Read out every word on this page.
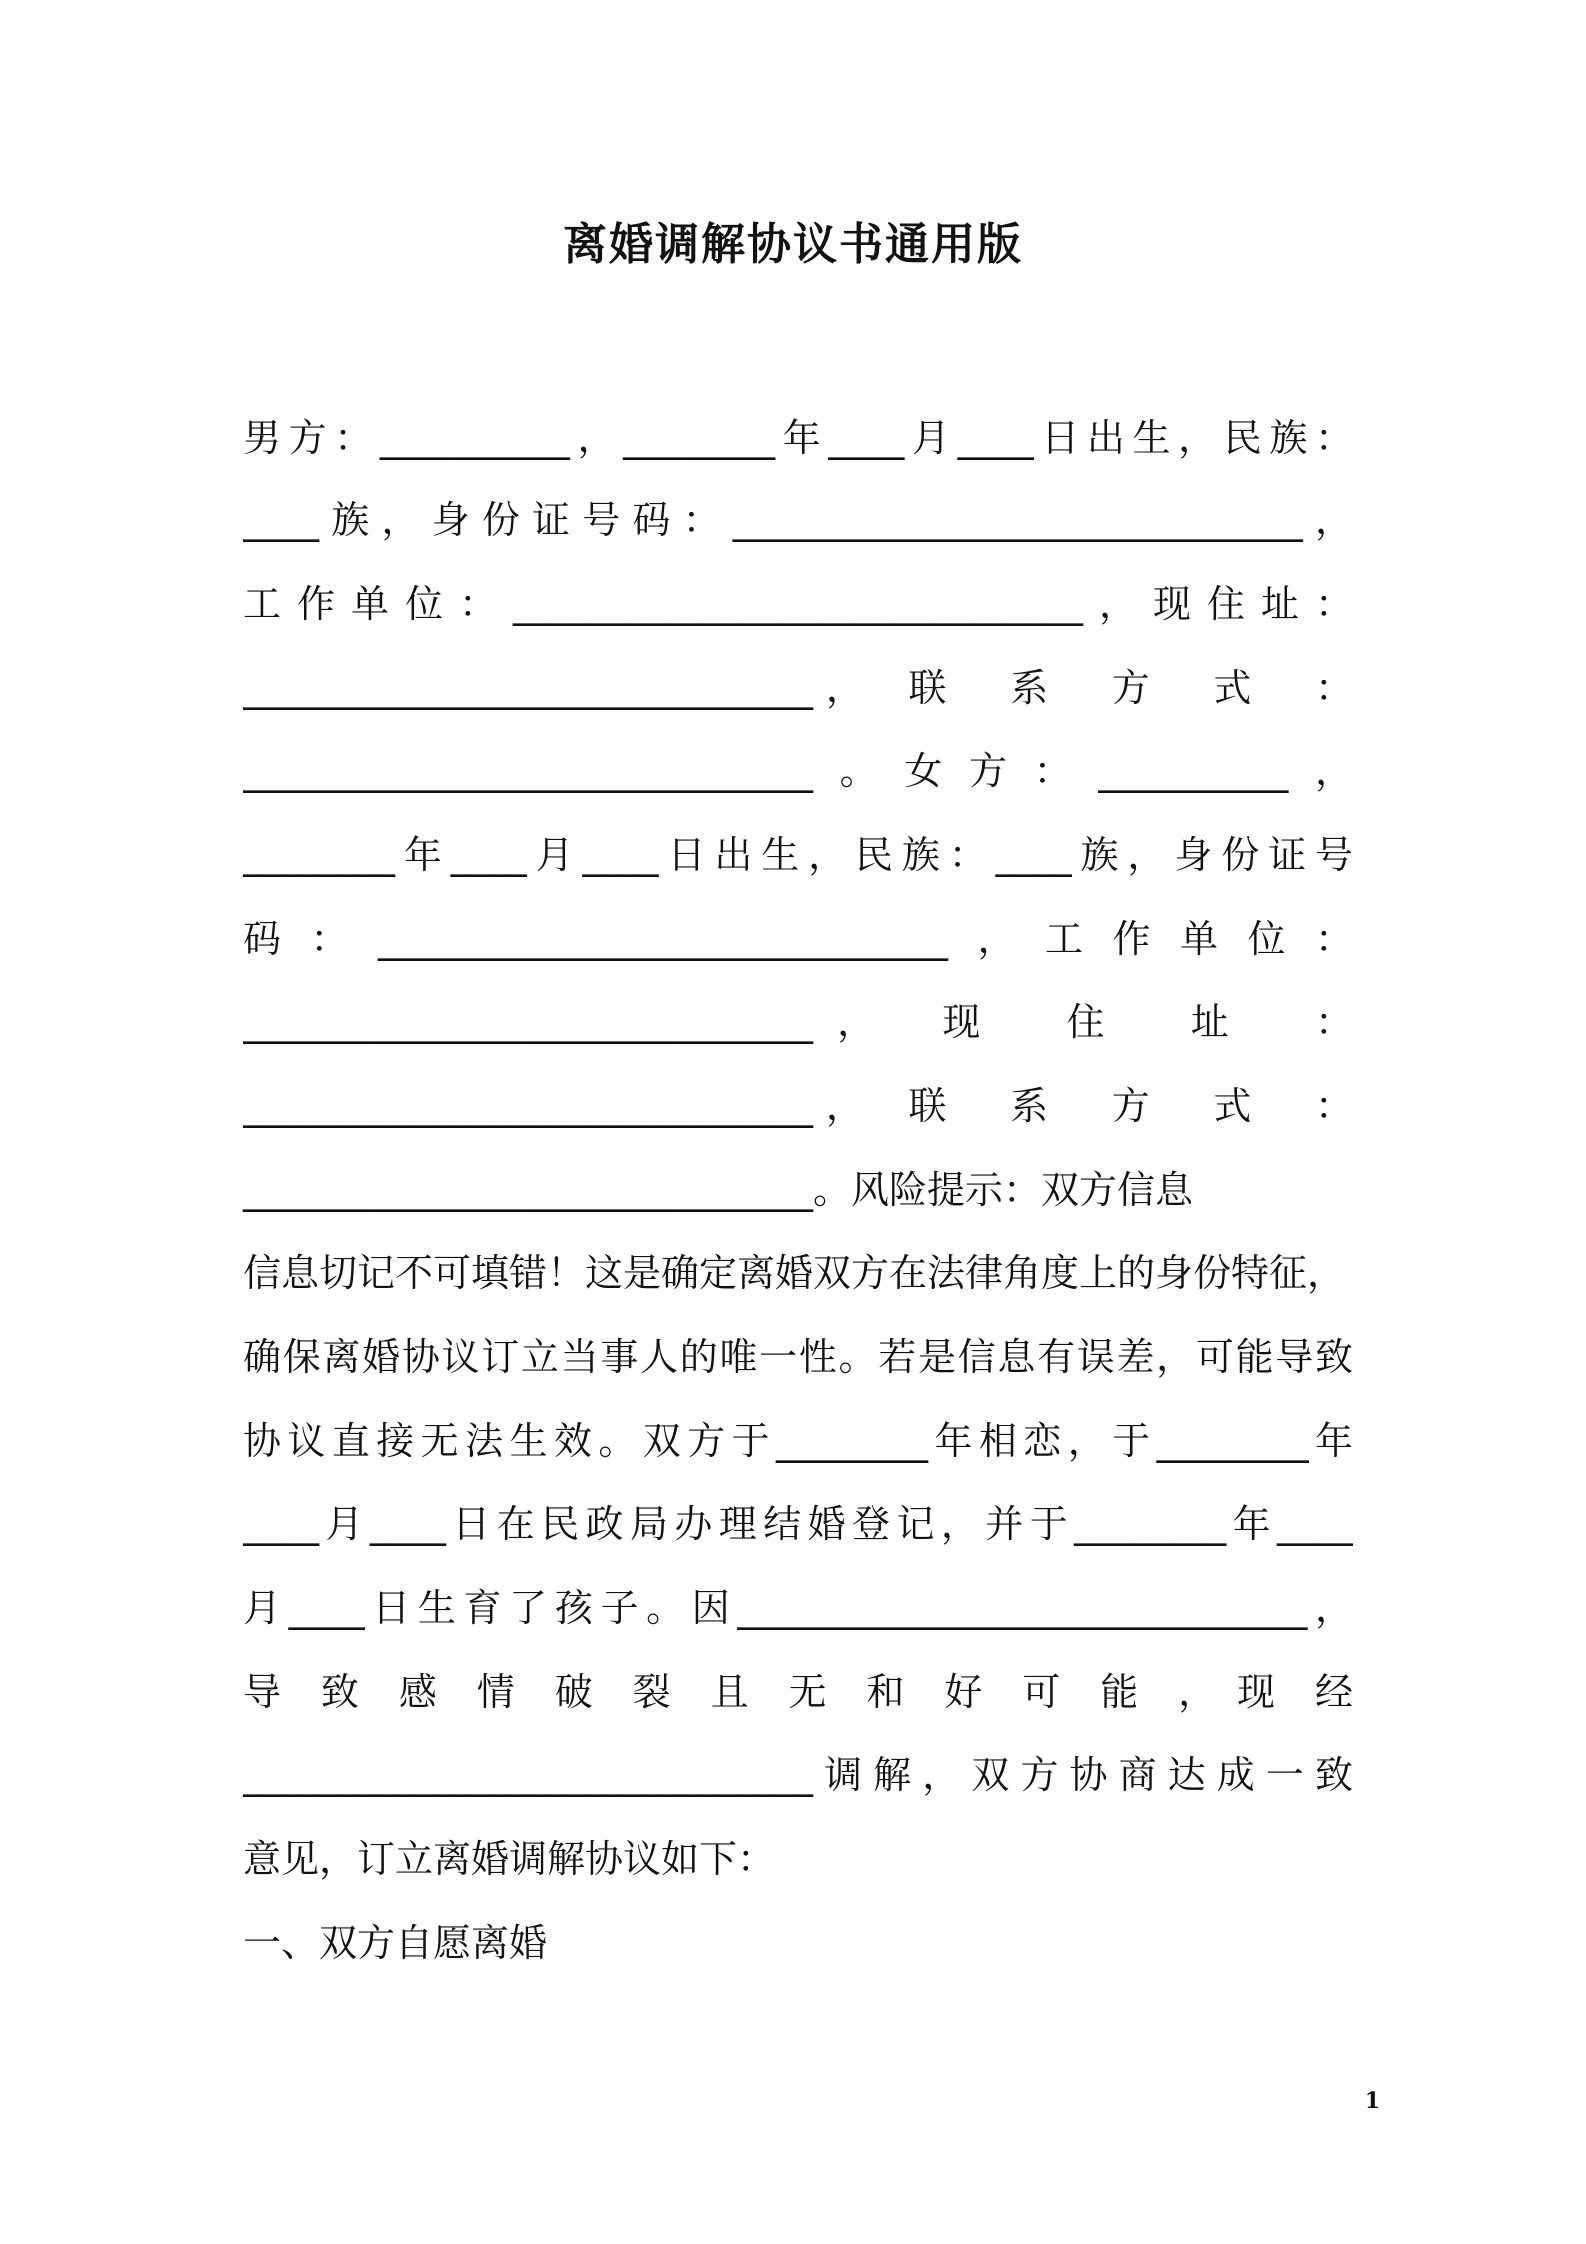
离婚调解协议书通用版
男方：__________，________年____月____日出生，民族：
____族，身份证号码：______________________________，
工作单位：______________________________，现住址：
______________________________，　联　系　方　式　：
______________________________。女方：__________，
________年____月____日出生，民族：____族，身份证号
码：______________________________，工作单位：
______________________________，　现　住　址　：
______________________________，　联　系　方　式　：
______________________________。风险提示：双方信息
信息切记不可填错！这是确定离婚双方在法律角度上的身份特征，
确保离婚协议订立当事人的唯一性。若是信息有误差，可能导致
协议直接无法生效。双方于________年相恋，于________年
____月____日在民政局办理结婚登记，并于________年____
月____日生育了孩子。因______________________________，
导　致　感　情　破　裂　且　无　和　好　可　能　，　现　经
______________________________调解，双方协商达成一致
意见，订立离婚调解协议如下：
一、双方自愿离婚
1
